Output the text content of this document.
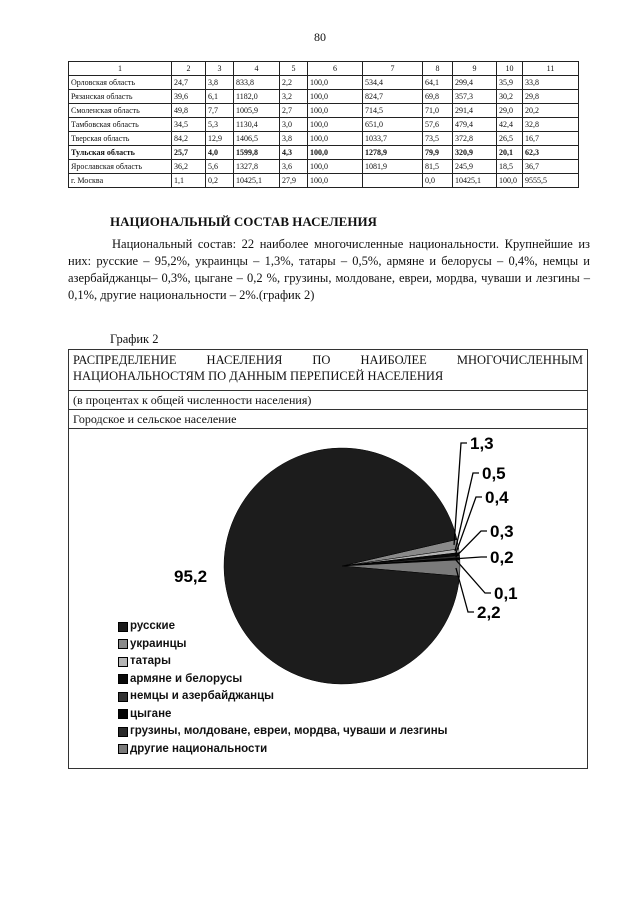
80
1	2	3	4	5	6	7	8	9	10	11
Орловская область	24,7	3,8	833,8	2,2	100,0	534,4	64,1	299,4	35,9	33,8
Рязанская область	39,6	6,1	1182,0	3,2	100,0	824,7	69,8	357,3	30,2	29,8
Смоленская область	49,8	7,7	1005,9	2,7	100,0	714,5	71,0	291,4	29,0	20,2
Тамбовская область	34,5	5,3	1130,4	3,0	100,0	651,0	57,6	479,4	42,4	32,8
Тверская область	84,2	12,9	1406,5	3,8	100,0	1033,7	73,5	372,8	26,5	16,7
Тульская область	25,7	4,0	1599,8	4,3	100,0	1278,9	79,9	320,9	20,1	62,3
Ярославская область	36,2	5,6	1327,8	3,6	100,0	1081,9	81,5	245,9	18,5	36,7
г. Москва	1,1	0,2	10425,1	27,9	100,0		0,0	10425,1	100,0	9555,5
НАЦИОНАЛЬНЫЙ СОСТАВ НАСЕЛЕНИЯ
Национальный состав: 22 наиболее многочисленные национальности. Крупнейшие из них: русские – 95,2%, украинцы – 1,3%, татары – 0,5%, армяне и белорусы – 0,4%, немцы и азербайджанцы– 0,3%, цыгане – 0,2 %, грузины, молдоване, евреи, мордва, чуваши и лезгины – 0,1%, другие национальности – 2%.(график 2)
График 2
РАСПРЕДЕЛЕНИЕ НАСЕЛЕНИЯ ПО НАИБОЛЕЕ МНОГОЧИСЛЕННЫМ НАЦИОНАЛЬНОСТЯМ ПО ДАННЫМ ПЕРЕПИСЕЙ НАСЕЛЕНИЯ
(в процентах к общей численности населения)
Городское и сельское население
1,3
0,5
0,4
0,3
0,2
0,1
2,2
95,2
русские
украинцы
татары
армяне и белорусы
немцы и азербайджанцы
цыгане
грузины, молдоване, евреи, мордва, чуваши и лезгины
другие национальности
